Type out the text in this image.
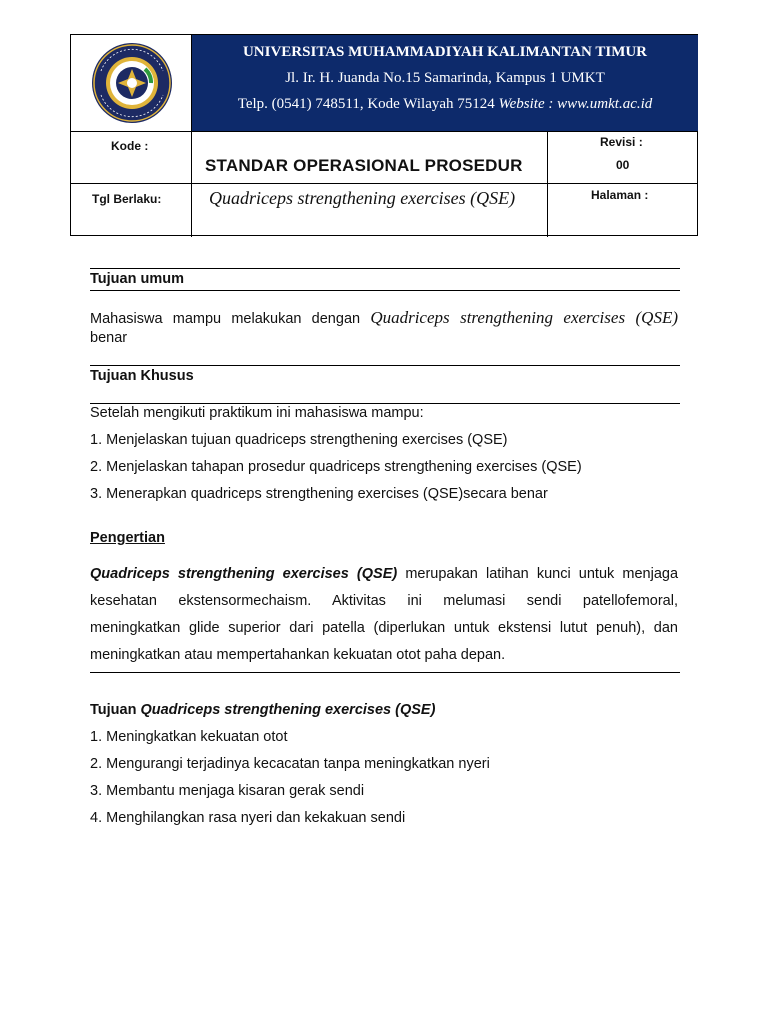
UNIVERSITAS MUHAMMADIYAH KALIMANTAN TIMUR
Jl. Ir. H. Juanda No.15 Samarinda, Kampus 1 UMKT
Telp. (0541) 748511, Kode Wilayah 75124 Website : www.umkt.ac.id
Kode :
Tgl Berlaku:
Revisi :
00
Halaman :
STANDAR OPERASIONAL PROSEDUR
Quadriceps strengthening exercises (QSE)
Tujuan umum
Mahasiswa mampu melakukan dengan Quadriceps strengthening exercises (QSE)
benar
Tujuan Khusus
Setelah mengikuti praktikum ini mahasiswa mampu:
1. Menjelaskan tujuan quadriceps strengthening exercises (QSE)
2. Menjelaskan tahapan prosedur quadriceps strengthening exercises (QSE)
3. Menerapkan quadriceps strengthening exercises (QSE)secara benar
Pengertian
Quadriceps strengthening exercises (QSE) merupakan latihan kunci untuk menjaga
kesehatan ekstensormechaism. Aktivitas ini melumasi sendi patellofemoral,
meningkatkan glide superior dari patella (diperlukan untuk ekstensi lutut penuh), dan
meningkatkan atau mempertahankan kekuatan otot paha depan.
Tujuan Quadriceps strengthening exercises (QSE)
1. Meningkatkan kekuatan otot
2. Mengurangi terjadinya kecacatan tanpa meningkatkan nyeri
3. Membantu menjaga kisaran gerak sendi
4. Menghilangkan rasa nyeri dan kekakuan sendi
